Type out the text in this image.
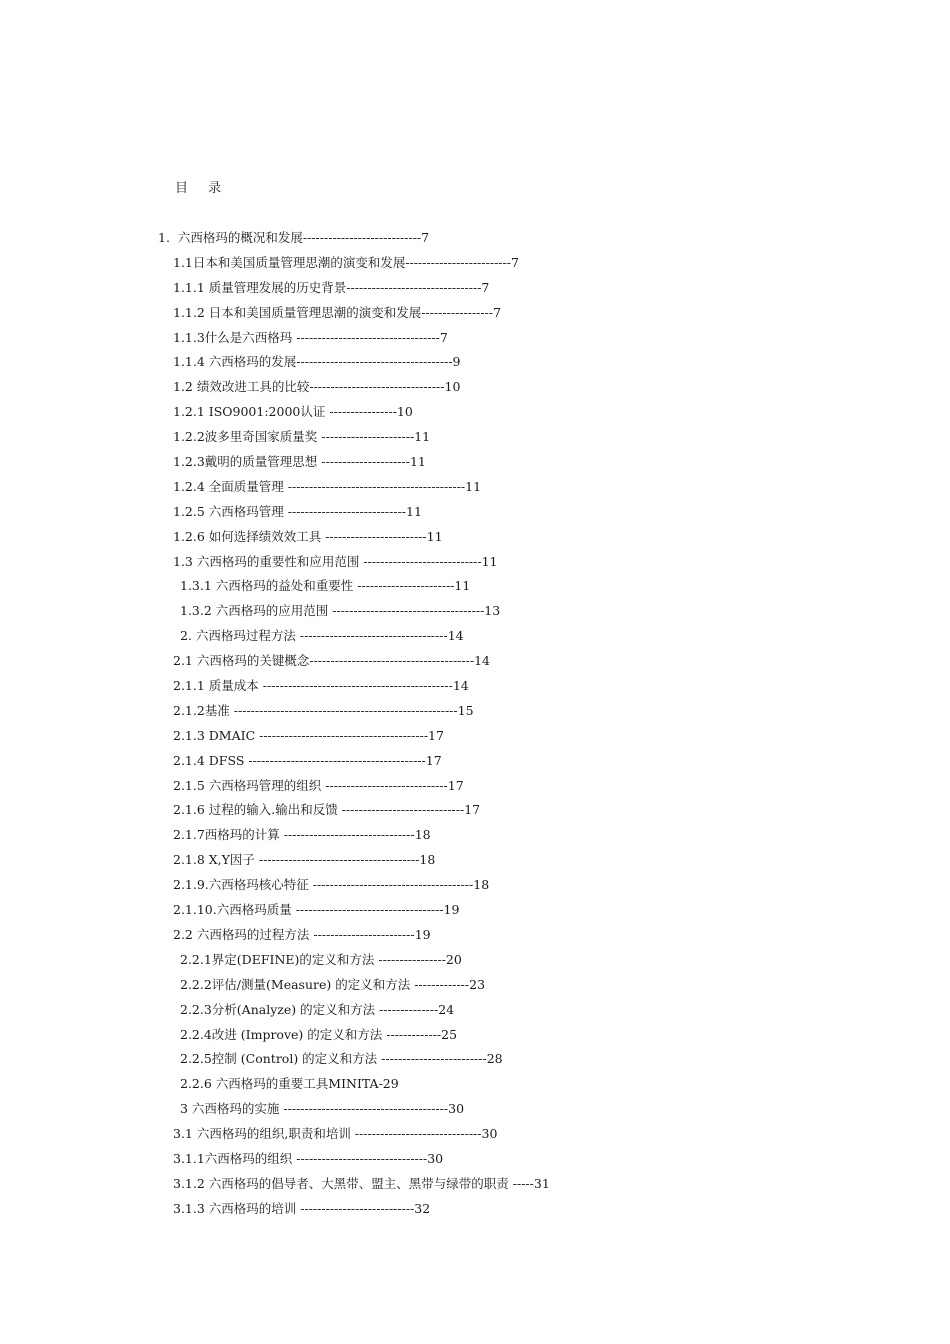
目 录
1.  六西格玛的概况和发展----------------------------7
1.1日本和美国质量管理思潮的演变和发展-------------------------7
1.1.1 质量管理发展的历史背景--------------------------------7
1.1.2 日本和美国质量管理思潮的演变和发展-----------------7
1.1.3什么是六西格玛 ----------------------------------7
1.1.4 六西格玛的发展-------------------------------------9
1.2 绩效改进工具的比较--------------------------------10
1.2.1 ISO9001:2000认证 ----------------10
1.2.2波多里奇国家质量奖 ----------------------11
1.2.3戴明的质量管理思想 ---------------------11
1.2.4 全面质量管理 ------------------------------------------11
1.2.5 六西格玛管理 ----------------------------11
1.2.6 如何选择绩效效工具 ------------------------11
1.3 六西格玛的重要性和应用范围 ----------------------------11
1.3.1 六西格玛的益处和重要性 -----------------------11
1.3.2 六西格玛的应用范围 ------------------------------------13
2. 六西格玛过程方法 -----------------------------------14
2.1 六西格玛的关键概念---------------------------------------14
2.1.1 质量成本 ---------------------------------------------14
2.1.2基准 -----------------------------------------------------15
2.1.3 DMAIC ----------------------------------------17
2.1.4 DFSS ------------------------------------------17
2.1.5 六西格玛管理的组织 -----------------------------17
2.1.6 过程的输入.输出和反馈 -----------------------------17
2.1.7西格玛的计算 -------------------------------18
2.1.8 X,Y因子 --------------------------------------18
2.1.9.六西格玛核心特征 --------------------------------------18
2.1.10.六西格玛质量 -----------------------------------19
2.2 六西格玛的过程方法 ------------------------19
2.2.1界定(DEFINE)的定义和方法 ----------------20
2.2.2评估/测量(Measure) 的定义和方法 -------------23
2.2.3分析(Analyze) 的定义和方法 --------------24
2.2.4改进 (Improve) 的定义和方法 -------------25
2.2.5控制 (Control) 的定义和方法 -------------------------28
2.2.6 六西格玛的重要工具MINITA-29
3 六西格玛的实施 ---------------------------------------30
3.1 六西格玛的组织,职责和培训 ------------------------------30
3.1.1六西格玛的组织 -------------------------------30
3.1.2 六西格玛的倡导者、大黑带、盟主、黑带与绿带的职责 -----31
3.1.3 六西格玛的培训 ---------------------------32
